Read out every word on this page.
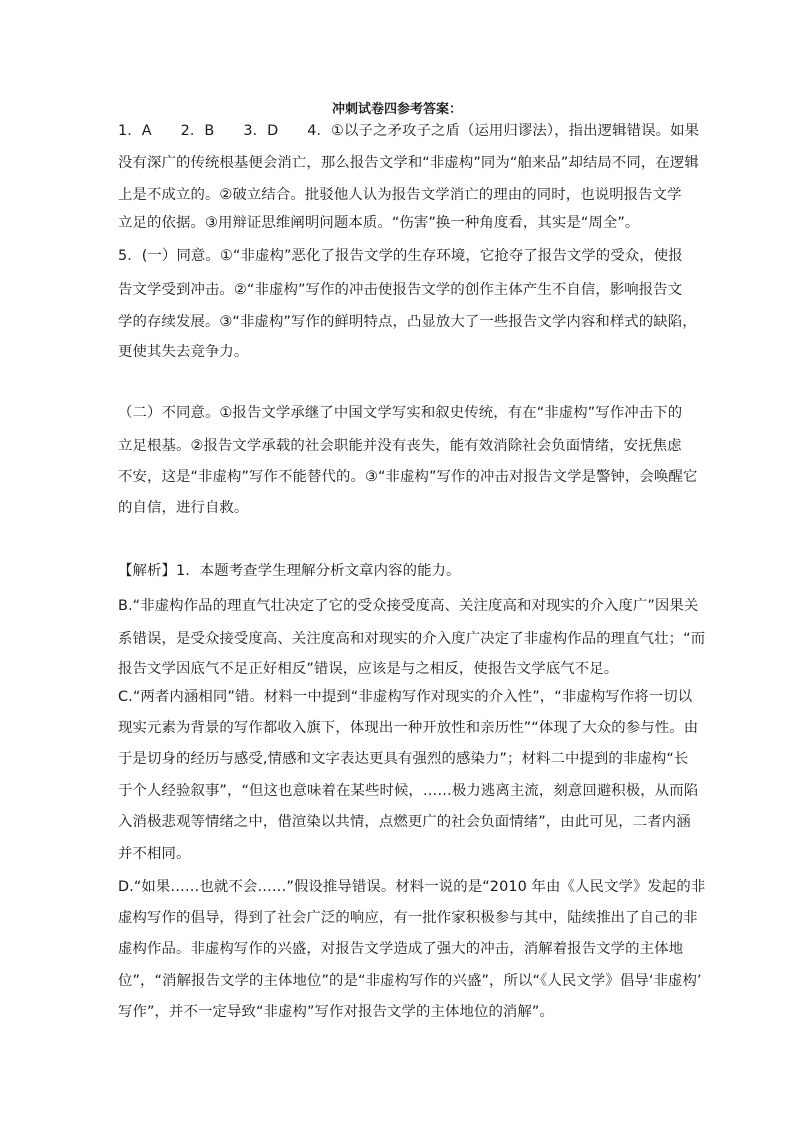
冲刺试卷四参考答案：
1．A　　2．B　　3．D　　4．①以子之矛攻子之盾（运用归谬法），指出逻辑错误。如果
没有深广的传统根基便会消亡，那么报告文学和“非虚构”同为“舶来品”却结局不同，在逻辑
上是不成立的。②破立结合。批驳他人认为报告文学消亡的理由的同时，也说明报告文学
立足的依据。③用辩证思维阐明问题本质。“伤害”换一种角度看，其实是“周全”。
5．(一）同意。①“非虚构”恶化了报告文学的生存环境，它抢夺了报告文学的受众，使报
告文学受到冲击。②“非虚构”写作的冲击使报告文学的创作主体产生不自信，影响报告文
学的存续发展。③“非虚构”写作的鲜明特点，凸显放大了一些报告文学内容和样式的缺陷，
更使其失去竞争力。
（二）不同意。①报告文学承继了中国文学写实和叙史传统，有在“非虚构”写作冲击下的
立足根基。②报告文学承载的社会职能并没有丧失，能有效消除社会负面情绪，安抚焦虑
不安，这是“非虚构”写作不能替代的。③“非虚构”写作的冲击对报告文学是警钟，会唤醒它
的自信，进行自救。
【解析】1．本题考查学生理解分析文章内容的能力。
B.“非虚构作品的理直气壮决定了它的受众接受度高、关注度高和对现实的介入度广”因果关
系错误，是受众接受度高、关注度高和对现实的介入度广决定了非虚构作品的理直气壮；“而
报告文学因底气不足正好相反”错误，应该是与之相反，使报告文学底气不足。
C.“两者内涵相同”错。材料一中提到“非虚构写作对现实的介入性”，“非虚构写作将一切以
现实元素为背景的写作都收入旗下，体现出一种开放性和亲历性”“体现了大众的参与性。由
于是切身的经历与感受,情感和文字表达更具有强烈的感染力”；材料二中提到的非虚构“长
于个人经验叙事”，“但这也意味着在某些时候，……极力逃离主流，刻意回避积极，从而陷
入消极悲观等情绪之中，借渲染以共情，点燃更广的社会负面情绪”，由此可见，二者内涵
并不相同。
D.“如果……也就不会……”假设推导错误。材料一说的是“2010 年由《人民文学》发起的非
虚构写作的倡导，得到了社会广泛的响应，有一批作家积极参与其中，陆续推出了自己的非
虚构作品。非虚构写作的兴盛，对报告文学造成了强大的冲击，消解着报告文学的主体地
位”，“消解报告文学的主体地位”的是“非虚构写作的兴盛”，所以“《人民文学》倡导‘非虚构’
写作”，并不一定导致“非虚构”写作对报告文学的主体地位的消解”。
